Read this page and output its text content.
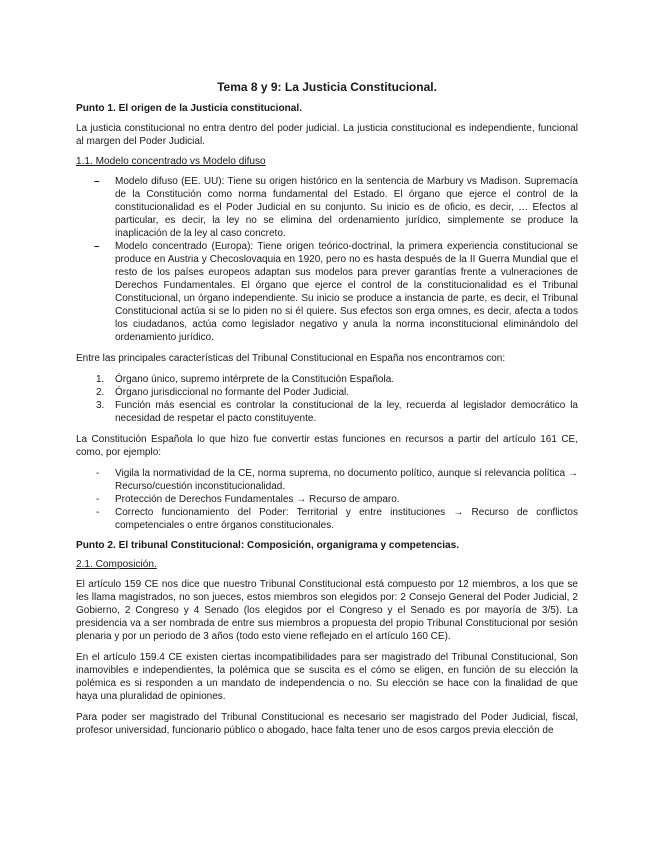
Tema 8 y 9: La Justicia Constitucional.
Punto 1. El origen de la Justicia constitucional.
La justicia constitucional no entra dentro del poder judicial. La justicia constitucional es independiente, funcional al margen del Poder Judicial.
1.1. Modelo concentrado vs Modelo difuso
– Modelo difuso (EE. UU): Tiene su origen histórico en la sentencia de Marbury vs Madison. Supremacía de la Constitución como norma fundamental del Estado. El órgano que ejerce el control de la constitucionalidad es el Poder Judicial en su conjunto. Su inicio es de oficio, es decir, … Efectos al particular, es decir, la ley no se elimina del ordenamiento jurídico, simplemente se produce la inaplicación de la ley al caso concreto.
– Modelo concentrado (Europa): Tiene origen teórico-doctrinal, la primera experiencia constitucional se produce en Austria y Checoslovaquia en 1920, pero no es hasta después de la II Guerra Mundial que el resto de los países europeos adaptan sus modelos para prever garantías frente a vulneraciones de Derechos Fundamentales. El órgano que ejerce el control de la constitucionalidad es el Tribunal Constitucional, un órgano independiente. Su inicio se produce a instancia de parte, es decir, el Tribunal Constitucional actúa si se lo piden no si él quiere. Sus efectos son erga omnes, es decir, afecta a todos los ciudadanos, actúa como legislador negativo y anula la norma inconstitucional eliminándolo del ordenamiento jurídico.
Entre las principales características del Tribunal Constitucional en España nos encontramos con:
1. Órgano único, supremo intérprete de la Constitución Española.
2. Órgano jurisdiccional no formante del Poder Judicial.
3. Función más esencial es controlar la constitucional de la ley, recuerda al legislador democrático la necesidad de respetar el pacto constituyente.
La Constitución Española lo que hizo fue convertir estas funciones en recursos a partir del artículo 161 CE, como, por ejemplo:
- Vigila la normatividad de la CE, norma suprema, no documento político, aunque sí relevancia política → Recurso/cuestión inconstitucionalidad.
- Protección de Derechos Fundamentales → Recurso de amparo.
- Correcto funcionamiento del Poder: Territorial y entre instituciones → Recurso de conflictos competenciales o entre órganos constitucionales.
Punto 2. El tribunal Constitucional: Composición, organigrama y competencias.
2.1. Composición.
El artículo 159 CE nos dice que nuestro Tribunal Constitucional está compuesto por 12 miembros, a los que se les llama magistrados, no son jueces, estos miembros son elegidos por: 2 Consejo General del Poder Judicial, 2 Gobierno, 2 Congreso y 4 Senado (los elegidos por el Congreso y el Senado es por mayoría de 3/5). La presidencia va a ser nombrada de entre sus miembros a propuesta del propio Tribunal Constitucional por sesión plenaria y por un periodo de 3 años (todo esto viene reflejado en el artículo 160 CE).
En el artículo 159.4 CE existen ciertas incompatibilidades para ser magistrado del Tribunal Constitucional, Son inamovibles e independientes, la polémica que se suscita es el cómo se eligen, en función de su elección la polémica es si responden a un mandato de independencia o no. Su elección se hace con la finalidad de que haya una pluralidad de opiniones.
Para poder ser magistrado del Tribunal Constitucional es necesario ser magistrado del Poder Judicial, fiscal, profesor universidad, funcionario público o abogado, hace falta tener uno de esos cargos previa elección de
